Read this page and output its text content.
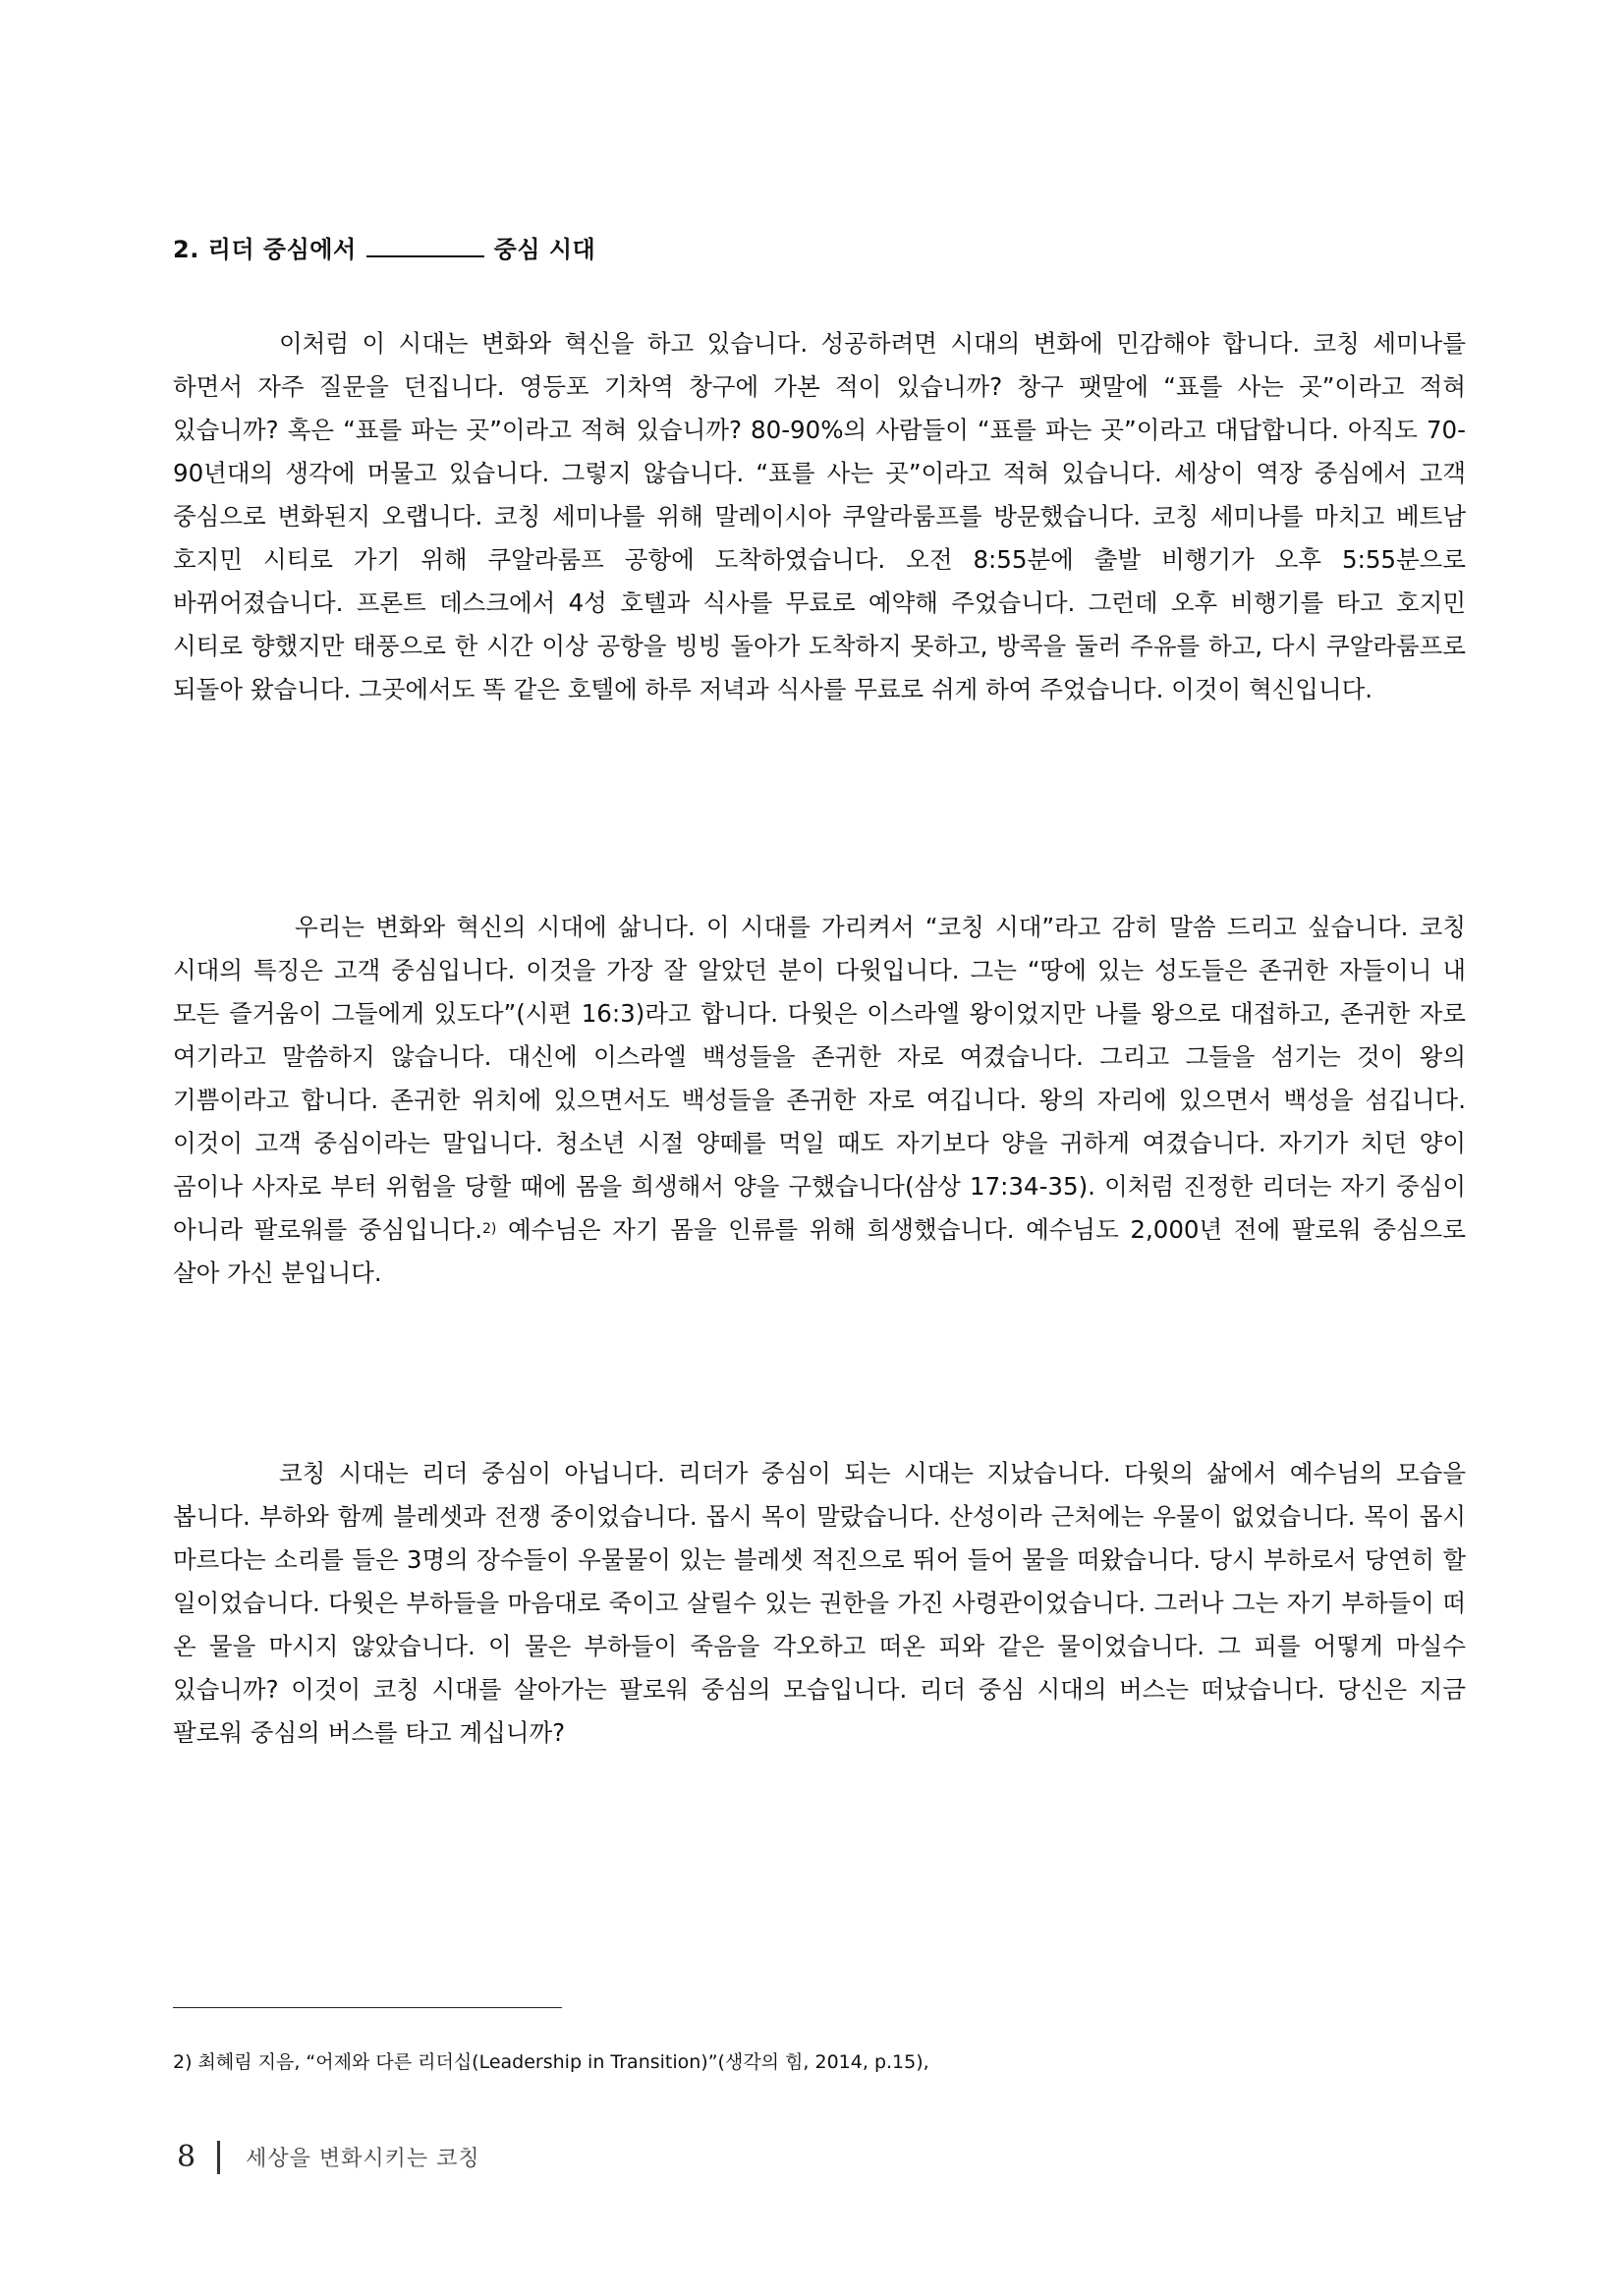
2. 리더 중심에서	중심 시대

이처럼 이 시대는 변화와 혁신을 하고 있습니다. 성공하려면 시대의 변화에 민감해야 합니다. 코칭 세미나를 하면서 자주 질문을 던집니다. 영등포 기차역 창구에 가본 적이 있습니까? 창구 팻말에 “표를 사는 곳”이라고 적혀 있습니까? 혹은 “표를 파는 곳”이라고 적혀 있습니까? 80-90%의 사람들이 “표를 파는 곳”이라고 대답합니다. 아직도 70-90년대의 생각에 머물고 있습니다. 그렇지 않습니다. “표를 사는 곳”이라고 적혀 있습니다. 세상이 역장 중심에서 고객 중심으로 변화된지 오랩니다. 코칭 세미나를 위해 말레이시아 쿠알라룸프를 방문했습니다. 코칭 세미나를 마치고 베트남 호지민 시티로 가기 위해 쿠알라룸프 공항에 도착하였습니다. 오전 8:55분에 출발 비행기가 오후 5:55분으로 바뀌어졌습니다. 프론트 데스크에서 4성 호텔과 식사를 무료로 예약해 주었습니다. 그런데 오후 비행기를 타고 호지민 시티로 향했지만 태풍으로 한 시간 이상 공항을 빙빙 돌아가 도착하지 못하고, 방콕을 둘러 주유를 하고, 다시 쿠알라룸프로 되돌아 왔습니다. 그곳에서도 똑 같은 호텔에 하루 저녁과 식사를 무료로 쉬게 하여 주었습니다. 이것이 혁신입니다.

우리는 변화와 혁신의 시대에 삶니다. 이 시대를 가리켜서 “코칭 시대”라고 감히 말씀 드리고 싶습니다. 코칭 시대의 특징은 고객 중심입니다. 이것을 가장 잘 알았던 분이 다윗입니다. 그는 “땅에 있는 성도들은 존귀한 자들이니 내 모든 즐거움이 그들에게 있도다”(시편 16:3)라고 합니다. 다윗은 이스라엘 왕이었지만 나를 왕으로 대접하고, 존귀한 자로 여기라고 말씀하지 않습니다. 대신에 이스라엘 백성들을 존귀한 자로 여겼습니다. 그리고 그들을 섬기는 것이 왕의 기쁨이라고 합니다. 존귀한 위치에 있으면서도 백성들을 존귀한 자로 여깁니다. 왕의 자리에 있으면서 백성을 섬깁니다. 이것이 고객 중심이라는 말입니다. 청소년 시절 양떼를 먹일 때도 자기보다 양을 귀하게 여겼습니다. 자기가 치던 양이 곰이나 사자로 부터 위험을 당할 때에 몸을 희생해서 양을 구했습니다(삼상 17:34-35). 이처럼 진정한 리더는 자기 중심이 아니라 팔로워를 중심입니다.$^{2)}$ 예수님은 자기 몸을 인류를 위해 희생했습니다. 예수님도 2,000년 전에 팔로워 중심으로 살아 가신 분입니다.

코칭 시대는 리더 중심이 아닙니다. 리더가 중심이 되는 시대는 지났습니다. 다윗의 삶에서 예수님의 모습을 봅니다. 부하와 함께 블레셋과 전쟁 중이었습니다. 몹시 목이 말랐습니다. 산성이라 근처에는 우물이 없었습니다. 목이 몹시 마르다는 소리를 들은 3명의 장수들이 우물물이 있는 블레셋 적진으로 뛰어 들어 물을 떠왔습니다. 당시 부하로서 당연히 할 일이었습니다. 다윗은 부하들을 마음대로 죽이고 살릴수 있는 권한을 가진 사령관이었습니다. 그러나 그는 자기 부하들이 떠 온 물을 마시지 않았습니다. 이 물은 부하들이 죽음을 각오하고 떠온 피와 같은 물이었습니다. 그 피를 어떻게 마실수 있습니까? 이것이 코칭 시대를 살아가는 팔로워 중심의 모습입니다. 리더 중심 시대의 버스는 떠났습니다. 당신은 지금 팔로워 중심의 버스를 타고 계십니까?

2) 최혜림 지음, “어제와 다른 리더십(Leadership in Transition)”(생각의 힘, 2014, p.15),
8 세상을 변화시키는 코칭
